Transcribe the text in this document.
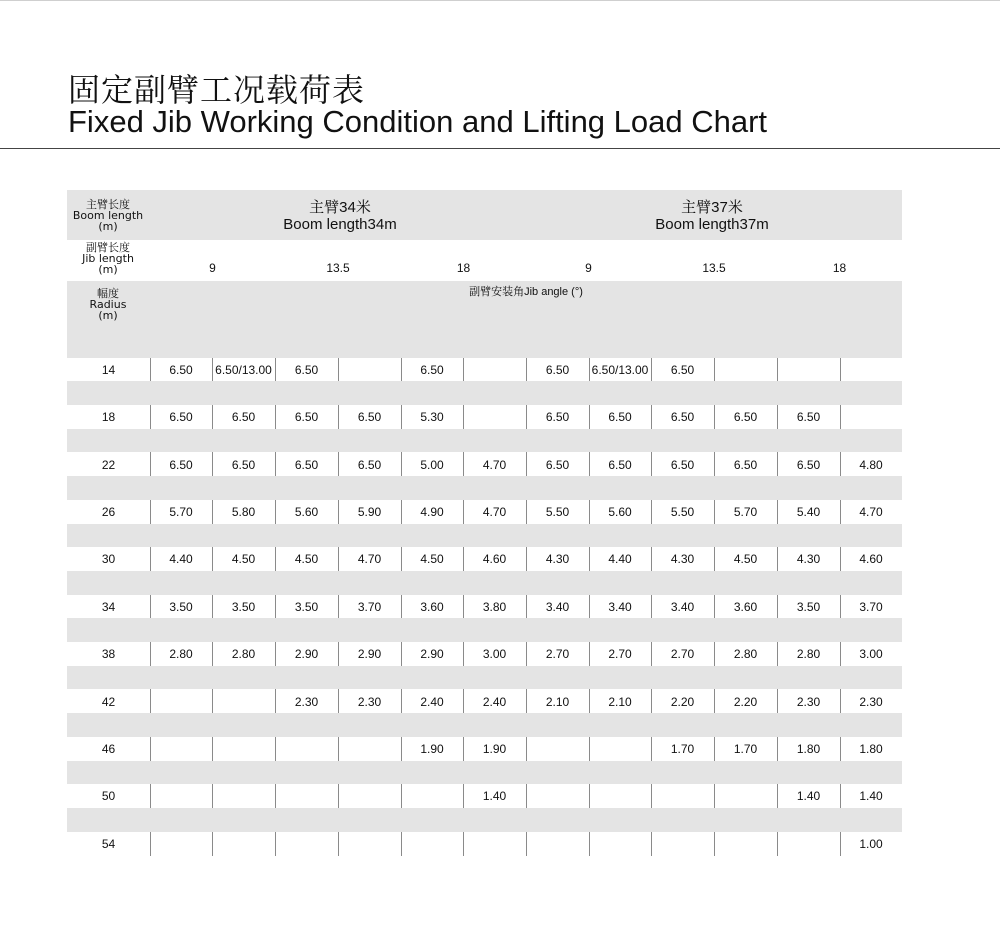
固定副臂工况载荷表
Fixed Jib Working Condition and Lifting Load Chart
1.00
54
1.40
1.40
1.40
50
1.80
1.80
1.70
1.70
1.90
1.90
46
2.30
2.30
2.20
2.20
2.10
2.10
2.40
2.40
2.30
2.30
42
3.00
2.80
2.80
2.70
2.70
2.70
3.00
2.90
2.90
2.90
2.80
2.80
38
3.70
3.50
3.60
3.40
3.40
3.40
3.80
3.60
3.70
3.50
3.50
3.50
34
4.60
4.30
4.50
4.30
4.40
4.30
4.60
4.50
4.70
4.50
4.50
4.40
30
4.70
5.40
5.70
5.50
5.60
5.50
4.70
4.90
5.90
5.60
5.80
5.70
26
4.80
6.50
6.50
6.50
6.50
6.50
4.70
5.00
6.50
6.50
6.50
6.50
22
6.50
6.50
6.50
6.50
6.50
5.30
6.50
6.50
6.50
6.50
18
6.50
6.50/13.00
6.50
6.50
6.50
6.50/13.00
6.50
14
18
13.5
9
18
13.5
9
主臂长度
Boom length
(m)
副臂长度
Jib length
(m)
幅度
Radius
(m)
主臂34米
Boom length34m
主臂37米
Boom length37m
副臂安装角Jib angle (°)
